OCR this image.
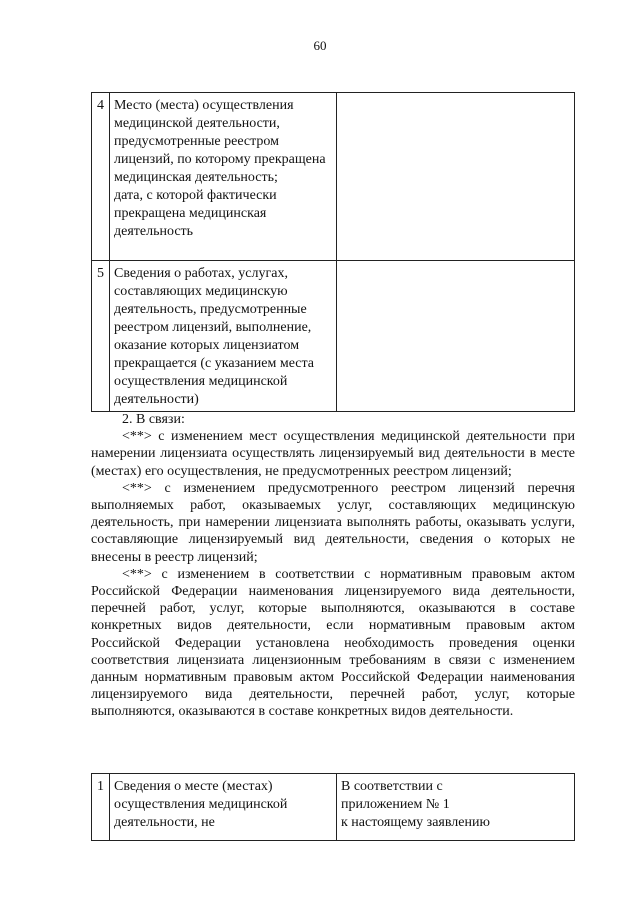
60
4	Место (места) осуществления медицинской деятельности, предусмотренные реестром лицензий, по которому прекращена медицинская деятельность;
дата, с которой фактически прекращена медицинская деятельность	
5	Сведения о работах, услугах, составляющих медицинскую деятельность, предусмотренные реестром лицензий, выполнение, оказание которых лицензиатом прекращается (с указанием места осуществления медицинской деятельности)	

2. В связи:

<**> с изменением мест осуществления медицинской деятельности при намерении лицензиата осуществлять лицензируемый вид деятельности в месте (местах) его осуществления, не предусмотренных реестром лицензий;

<**> с изменением предусмотренного реестром лицензий перечня выполняемых работ, оказываемых услуг, составляющих медицинскую деятельность, при намерении лицензиата выполнять работы, оказывать услуги, составляющие лицензируемый вид деятельности, сведения о которых не внесены в реестр лицензий;

<**> с изменением в соответствии с нормативным правовым актом Российской Федерации наименования лицензируемого вида деятельности, перечней работ, услуг, которые выполняются, оказываются в составе конкретных видов деятельности, если нормативным правовым актом Российской Федерации установлена необходимость проведения оценки соответствия лицензиата лицензионным требованиям в связи с изменением данным нормативным правовым актом Российской Федерации наименования лицензируемого вида деятельности, перечней работ, услуг, которые выполняются, оказываются в составе конкретных видов деятельности.

1	Сведения о месте (местах) осуществления медицинской деятельности, не	В соответствии с
приложением № 1
к настоящему заявлению
